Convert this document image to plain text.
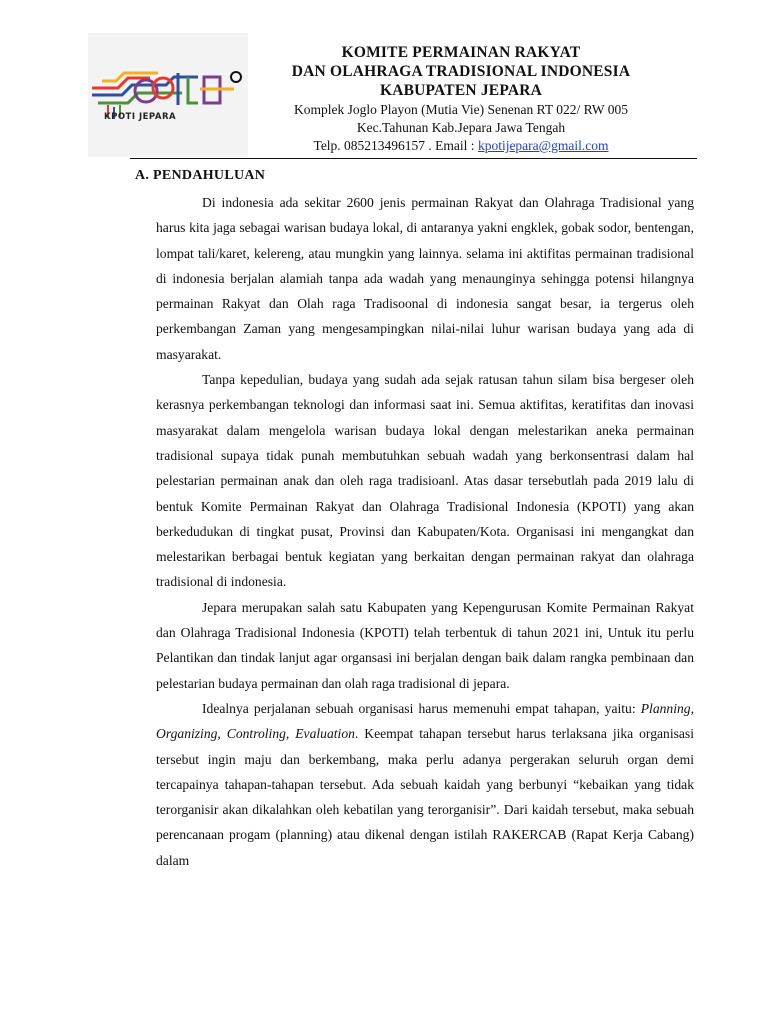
KPOTI JEPARA
KOMITE PERMAINAN RAKYAT
DAN OLAHRAGA TRADISIONAL INDONESIA
KABUPATEN JEPARA
Komplek Joglo Playon (Mutia Vie) Senenan RT 022/ RW 005
Kec.Tahunan Kab.Jepara Jawa Tengah
Telp. 085213496157 . Email : kpotijepara@gmail.com
A. PENDAHULUAN

Di indonesia ada sekitar 2600 jenis permainan Rakyat dan Olahraga Tradisional yang harus kita jaga sebagai warisan budaya lokal, di antaranya yakni engklek, gobak sodor, bentengan, lompat tali/karet, kelereng, atau mungkin yang lainnya. selama ini aktifitas permainan tradisional di indonesia berjalan alamiah tanpa ada wadah yang menaunginya sehingga potensi hilangnya permainan Rakyat dan Olah raga Tradisoonal di indonesia sangat besar, ia tergerus oleh perkembangan Zaman yang mengesampingkan nilai-nilai luhur warisan budaya yang ada di masyarakat.

Tanpa kepedulian, budaya yang sudah ada sejak ratusan tahun silam bisa bergeser oleh kerasnya perkembangan teknologi dan informasi saat ini. Semua aktifitas, keratifitas dan inovasi masyarakat dalam mengelola warisan budaya lokal dengan melestarikan aneka permainan tradisional supaya tidak punah membutuhkan sebuah wadah yang berkonsentrasi dalam hal pelestarian permainan anak dan oleh raga tradisioanl. Atas dasar tersebutlah pada 2019 lalu di bentuk Komite Permainan Rakyat dan Olahraga Tradisional Indonesia (KPOTI) yang akan berkedudukan di tingkat pusat, Provinsi dan Kabupaten/Kota. Organisasi ini mengangkat dan melestarikan berbagai bentuk kegiatan yang berkaitan dengan permainan rakyat dan olahraga tradisional di indonesia.

Jepara merupakan salah satu Kabupaten yang Kepengurusan Komite Permainan Rakyat dan Olahraga Tradisional Indonesia (KPOTI) telah terbentuk di tahun 2021 ini, Untuk itu perlu Pelantikan dan tindak lanjut agar organsasi ini berjalan dengan baik dalam rangka pembinaan dan pelestarian budaya permainan dan olah raga tradisional di jepara.

Idealnya perjalanan sebuah organisasi harus memenuhi empat tahapan, yaitu: Planning, Organizing, Controling, Evaluation. Keempat tahapan tersebut harus terlaksana jika organisasi tersebut ingin maju dan berkembang, maka perlu adanya pergerakan seluruh organ demi tercapainya tahapan-tahapan tersebut. Ada sebuah kaidah yang berbunyi “kebaikan yang tidak terorganisir akan dikalahkan oleh kebatilan yang terorganisir”. Dari kaidah tersebut, maka sebuah perencanaan progam (planning) atau dikenal dengan istilah RAKERCAB (Rapat Kerja Cabang) dalam
